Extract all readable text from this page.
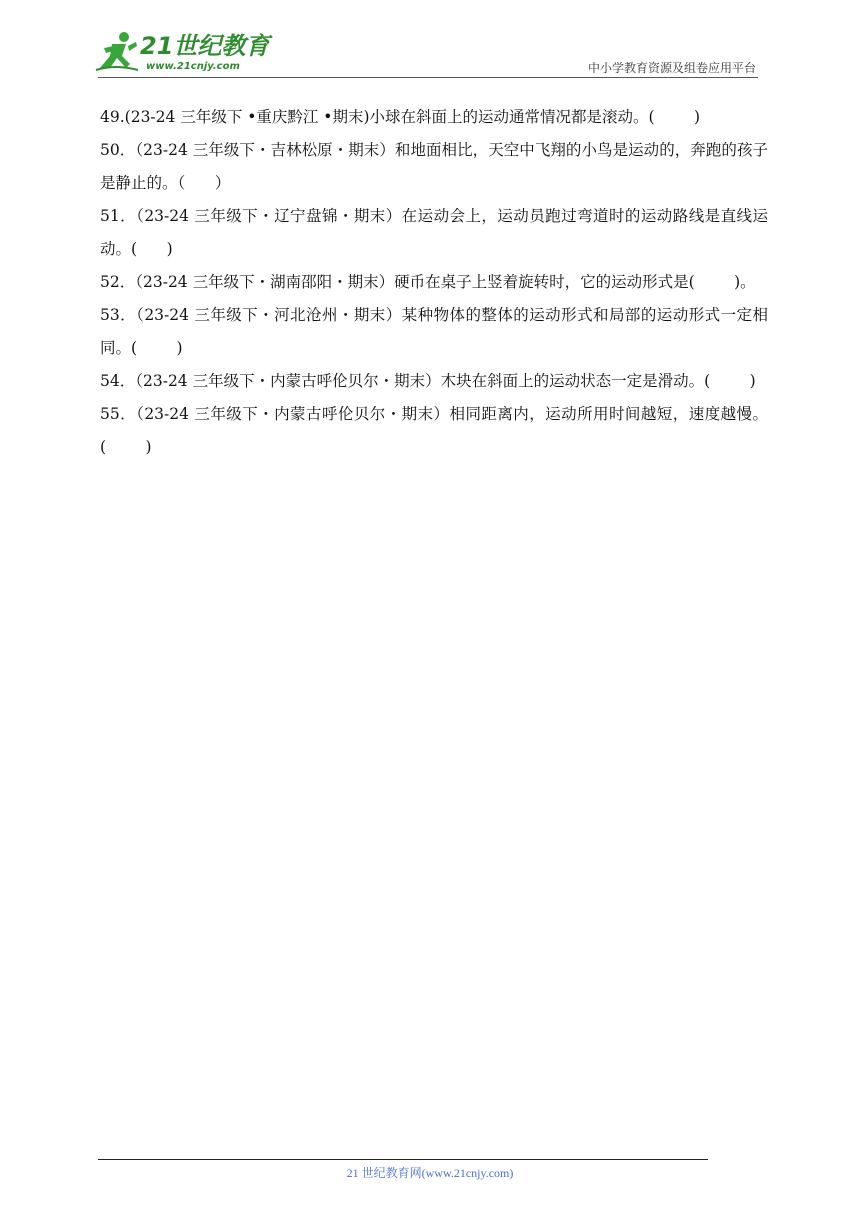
21世纪教育
www.21cnjy.com	中小学教育资源及组卷应用平台
49.(23-24 三年级下 •重庆黔江 •期末)小球在斜面上的运动通常情况都是滚动。(        )
50．（23-24 三年级下・吉林松原・期末）和地面相比，天空中飞翔的小鸟是运动的，奔跑的孩子是静止的。（      ）
51．（23-24 三年级下・辽宁盘锦・期末）在运动会上，运动员跑过弯道时的运动路线是直线运动。(      )
52．（23-24 三年级下・湖南邵阳・期末）硬币在桌子上竖着旋转时，它的运动形式是(        )。
53．（23-24 三年级下・河北沧州・期末）某种物体的整体的运动形式和局部的运动形式一定相同。(        )
54．（23-24 三年级下・内蒙古呼伦贝尔・期末）木块在斜面上的运动状态一定是滑动。(        )
55．（23-24 三年级下・内蒙古呼伦贝尔・期末）相同距离内，运动所用时间越短，速度越慢。(        )
21 世纪教育网(www.21cnjy.com)
